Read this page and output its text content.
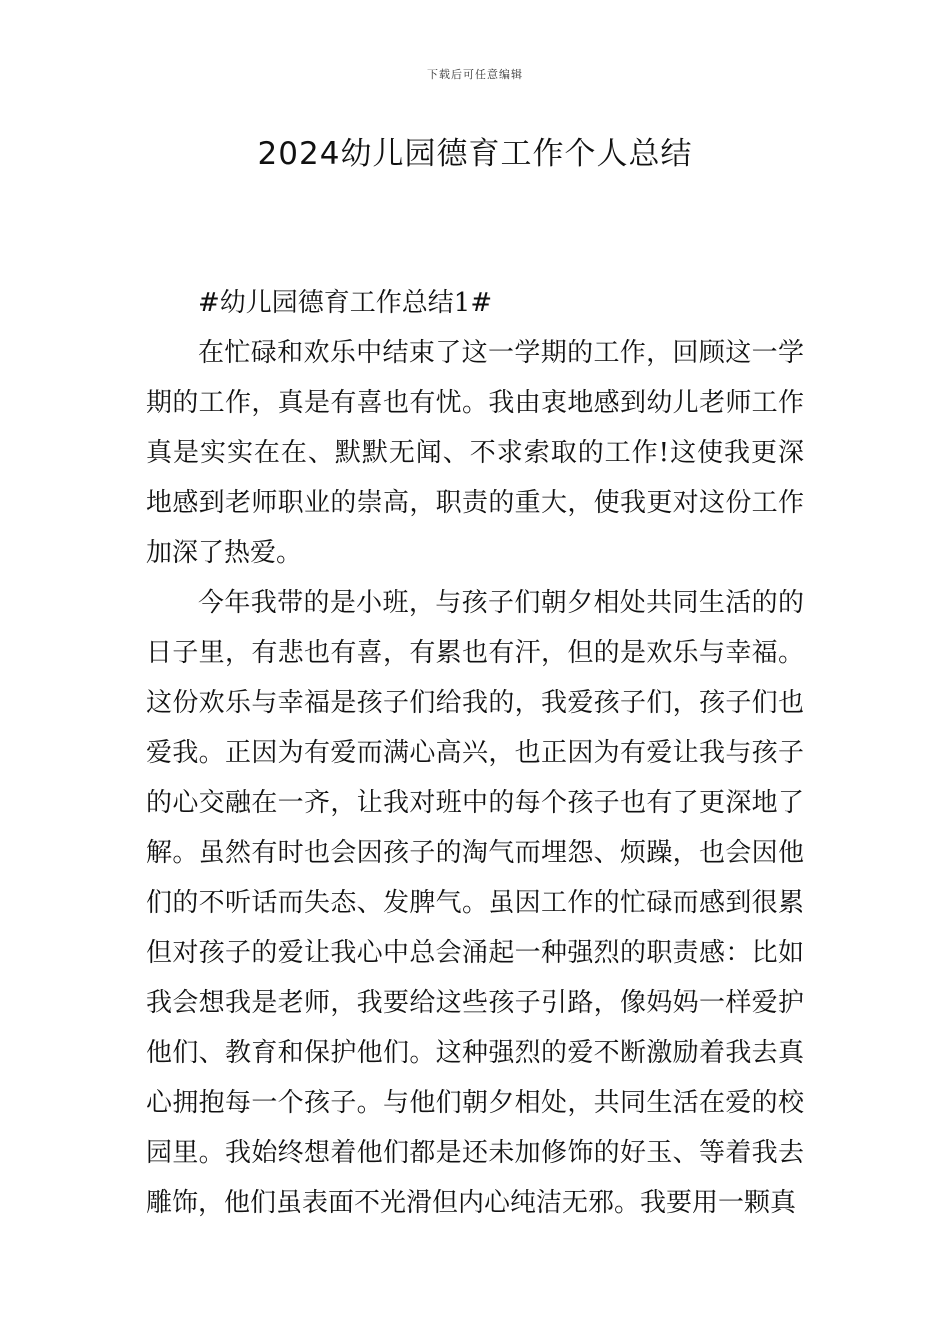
下载后可任意编辑
2024幼儿园德育工作个人总结
#幼儿园德育工作总结1#

在忙碌和欢乐中结束了这一学期的工作，回顾这一学期的工作，真是有喜也有忧。我由衷地感到幼儿老师工作真是实实在在、默默无闻、不求索取的工作!这使我更深地感到老师职业的崇高，职责的重大，使我更对这份工作加深了热爱。

今年我带的是小班，与孩子们朝夕相处共同生活的的日子里，有悲也有喜，有累也有汗，但的是欢乐与幸福。这份欢乐与幸福是孩子们给我的，我爱孩子们，孩子们也爱我。正因为有爱而满心高兴，也正因为有爱让我与孩子的心交融在一齐，让我对班中的每个孩子也有了更深地了解。虽然有时也会因孩子的淘气而埋怨、烦躁，也会因他们的不听话而失态、发脾气。虽因工作的忙碌而感到很累但对孩子的爱让我心中总会涌起一种强烈的职责感：比如我会想我是老师，我要给这些孩子引路，像妈妈一样爱护他们、教育和保护他们。这种强烈的爱不断激励着我去真心拥抱每一个孩子。与他们朝夕相处，共同生活在爱的校园里。我始终想着他们都是还未加修饰的好玉、等着我去雕饰，他们虽表面不光滑但内心纯洁无邪。我要用一颗真
